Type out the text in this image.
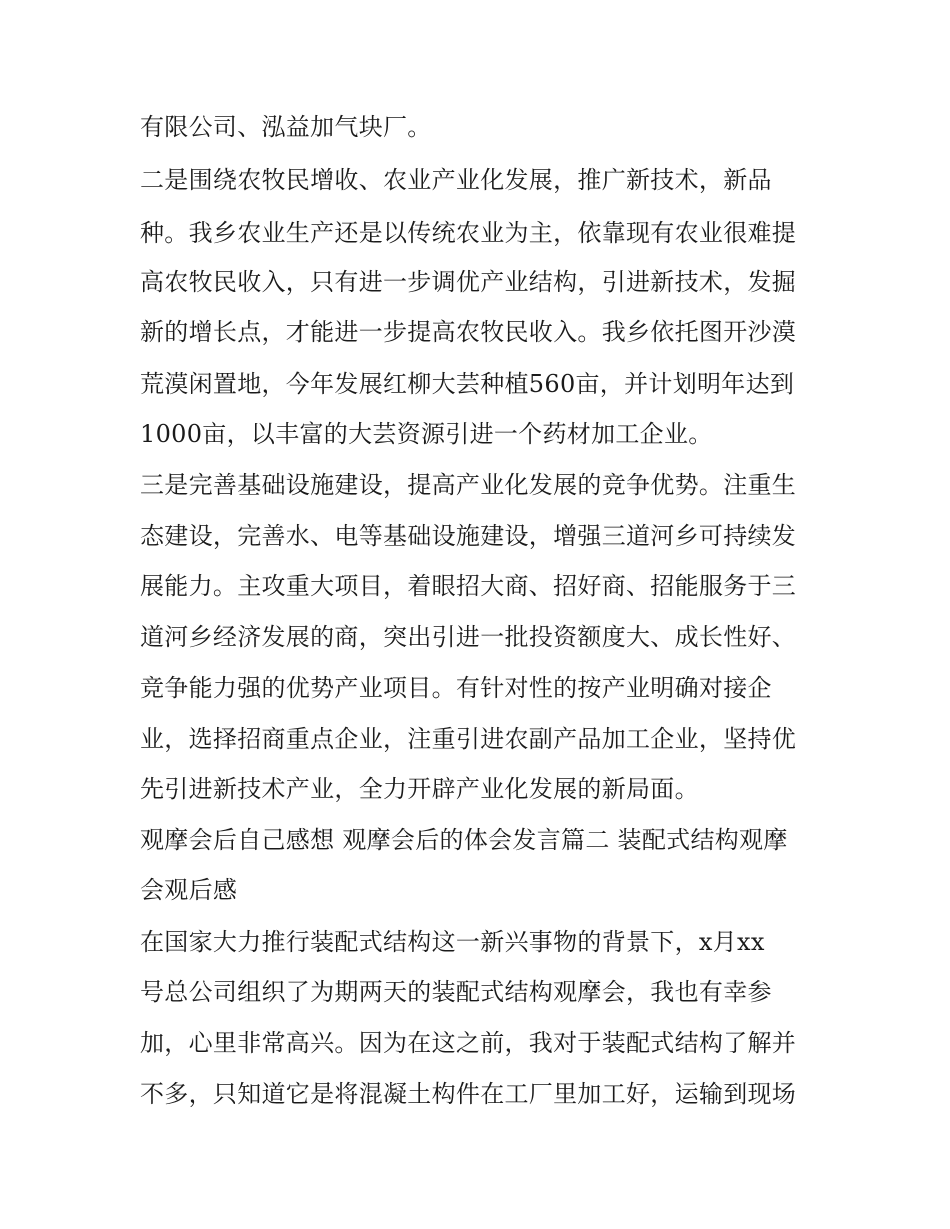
有限公司、泓益加气块厂。
二是围绕农牧民增收、农业产业化发展，推广新技术，新品
种。我乡农业生产还是以传统农业为主，依靠现有农业很难提
高农牧民收入，只有进一步调优产业结构，引进新技术，发掘
新的增长点，才能进一步提高农牧民收入。我乡依托图开沙漠
荒漠闲置地，今年发展红柳大芸种植560亩，并计划明年达到
1000亩，以丰富的大芸资源引进一个药材加工企业。
三是完善基础设施建设，提高产业化发展的竞争优势。注重生
态建设，完善水、电等基础设施建设，增强三道河乡可持续发
展能力。主攻重大项目，着眼招大商、招好商、招能服务于三
道河乡经济发展的商，突出引进一批投资额度大、成长性好、
竞争能力强的优势产业项目。有针对性的按产业明确对接企
业，选择招商重点企业，注重引进农副产品加工企业，坚持优
先引进新技术产业，全力开辟产业化发展的新局面。
观摩会后自己感想 观摩会后的体会发言篇二 装配式结构观摩
会观后感
在国家大力推行装配式结构这一新兴事物的背景下，x月xx
号总公司组织了为期两天的装配式结构观摩会，我也有幸参
加，心里非常高兴。因为在这之前，我对于装配式结构了解并
不多，只知道它是将混凝土构件在工厂里加工好，运输到现场
